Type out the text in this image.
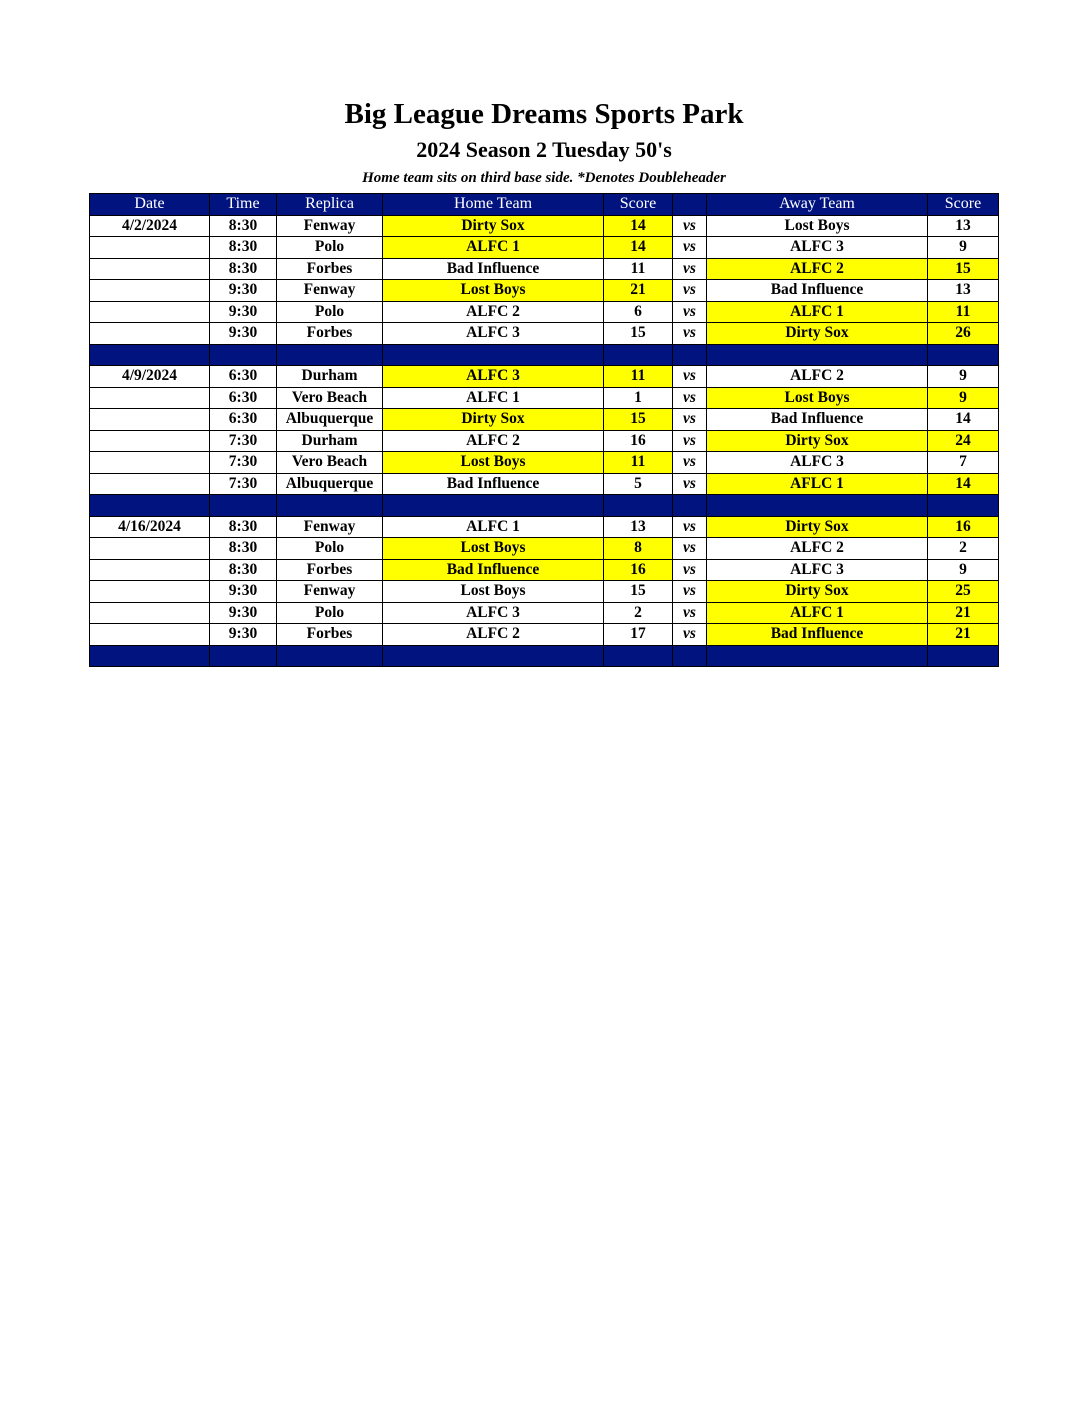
Big League Dreams Sports Park
2024 Season 2 Tuesday 50's
Home team sits on third base side. *Denotes Doubleheader
Date	Time	Replica	Home Team	Score		Away Team	Score
4/2/2024	8:30	Fenway	Dirty Sox	14	vs	Lost Boys	13
	8:30	Polo	ALFC 1	14	vs	ALFC 3	9
	8:30	Forbes	Bad Influence	11	vs	ALFC 2	15
	9:30	Fenway	Lost Boys	21	vs	Bad Influence	13
	9:30	Polo	ALFC 2	6	vs	ALFC 1	11
	9:30	Forbes	ALFC 3	15	vs	Dirty Sox	26

4/9/2024	6:30	Durham	ALFC 3	11	vs	ALFC 2	9
	6:30	Vero Beach	ALFC 1	1	vs	Lost Boys	9
	6:30	Albuquerque	Dirty Sox	15	vs	Bad Influence	14
	7:30	Durham	ALFC 2	16	vs	Dirty Sox	24
	7:30	Vero Beach	Lost Boys	11	vs	ALFC 3	7
	7:30	Albuquerque	Bad Influence	5	vs	AFLC 1	14

4/16/2024	8:30	Fenway	ALFC 1	13	vs	Dirty Sox	16
	8:30	Polo	Lost Boys	8	vs	ALFC 2	2
	8:30	Forbes	Bad Influence	16	vs	ALFC 3	9
	9:30	Fenway	Lost Boys	15	vs	Dirty Sox	25
	9:30	Polo	ALFC 3	2	vs	ALFC 1	21
	9:30	Forbes	ALFC 2	17	vs	Bad Influence	21
